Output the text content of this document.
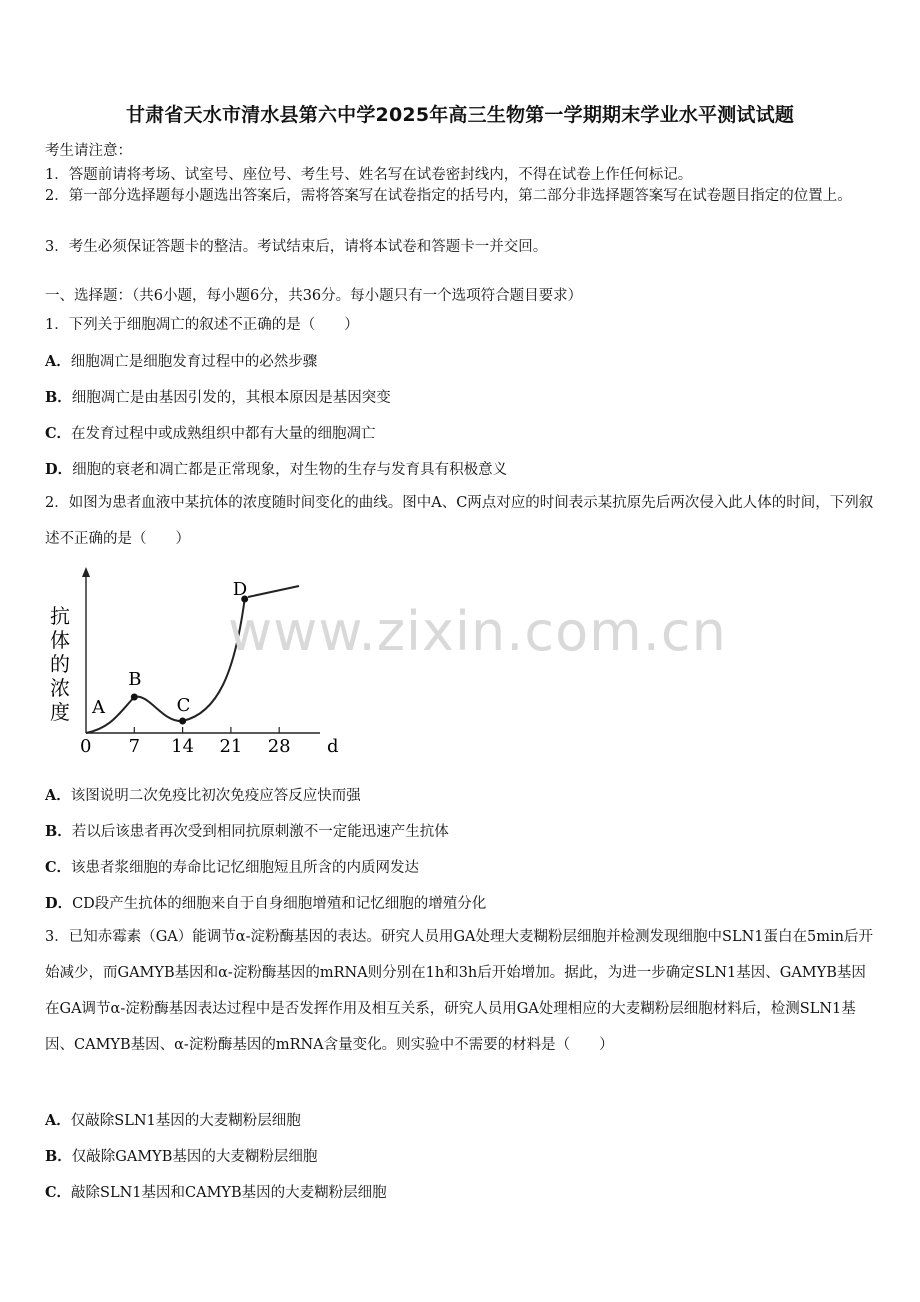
甘肃省天水市清水县第六中学2025年高三生物第一学期期末学业水平测试试题
考生请注意：
1．答题前请将考场、试室号、座位号、考生号、姓名写在试卷密封线内，不得在试卷上作任何标记。
2．第一部分选择题每小题选出答案后，需将答案写在试卷指定的括号内，第二部分非选择题答案写在试卷题目指定的位置上。
3．考生必须保证答题卡的整洁。考试结束后，请将本试卷和答题卡一并交回。
一、选择题：（共6小题，每小题6分，共36分。每小题只有一个选项符合题目要求）
1．下列关于细胞凋亡的叙述不正确的是（　　）
A．细胞凋亡是细胞发育过程中的必然步骤
B．细胞凋亡是由基因引发的，其根本原因是基因突变
C．在发育过程中或成熟组织中都有大量的细胞凋亡
D．细胞的衰老和凋亡都是正常现象，对生物的生存与发育具有积极意义
2．如图为患者血液中某抗体的浓度随时间变化的曲线。图中A、C两点对应的时间表示某抗原先后两次侵入此人体的时间，下列叙述不正确的是（　　）
抗
体
的
浓
度
d
0 7 14 21 28
A
B
C
D
www.zixin.com.cn
A．该图说明二次免疫比初次免疫应答反应快而强
B．若以后该患者再次受到相同抗原刺激不一定能迅速产生抗体
C．该患者浆细胞的寿命比记忆细胞短且所含的内质网发达
D．CD段产生抗体的细胞来自于自身细胞增殖和记忆细胞的增殖分化
3．已知赤霉素（GA）能调节α-淀粉酶基因的表达。研究人员用GA处理大麦糊粉层细胞并检测发现细胞中SLN1蛋白在5min后开始减少，而GAMYB基因和α-淀粉酶基因的mRNA则分别在1h和3h后开始增加。据此，为进一步确定SLN1基因、GAMYB基因在GA调节α-淀粉酶基因表达过程中是否发挥作用及相互关系，研究人员用GA处理相应的大麦糊粉层细胞材料后，检测SLN1基因、CAMYB基因、α-淀粉酶基因的mRNA含量变化。则实验中不需要的材料是（　　）
A．仅敲除SLN1基因的大麦糊粉层细胞
B．仅敲除GAMYB基因的大麦糊粉层细胞
C．敲除SLN1基因和CAMYB基因的大麦糊粉层细胞
